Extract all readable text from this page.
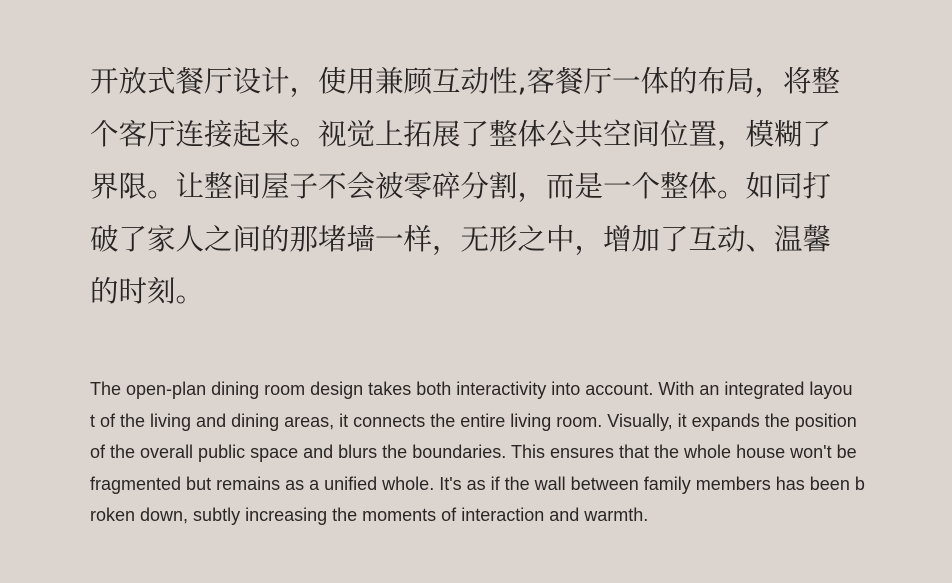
开放式餐厅设计，使用兼顾互动性,客餐厅一体的布局，将整
个客厅连接起来。视觉上拓展了整体公共空间位置，模糊了
界限。让整间屋子不会被零碎分割，而是一个整体。如同打
破了家人之间的那堵墙一样，无形之中，增加了互动、温馨
的时刻。

The open-plan dining room design takes both interactivity into account. With an integrated layou
t of the living and dining areas, it connects the entire living room. Visually, it expands the position
of the overall public space and blurs the boundaries. This ensures that the whole house won't be
fragmented but remains as a unified whole. It's as if the wall between family members has been b
roken down, subtly increasing the moments of interaction and warmth.
